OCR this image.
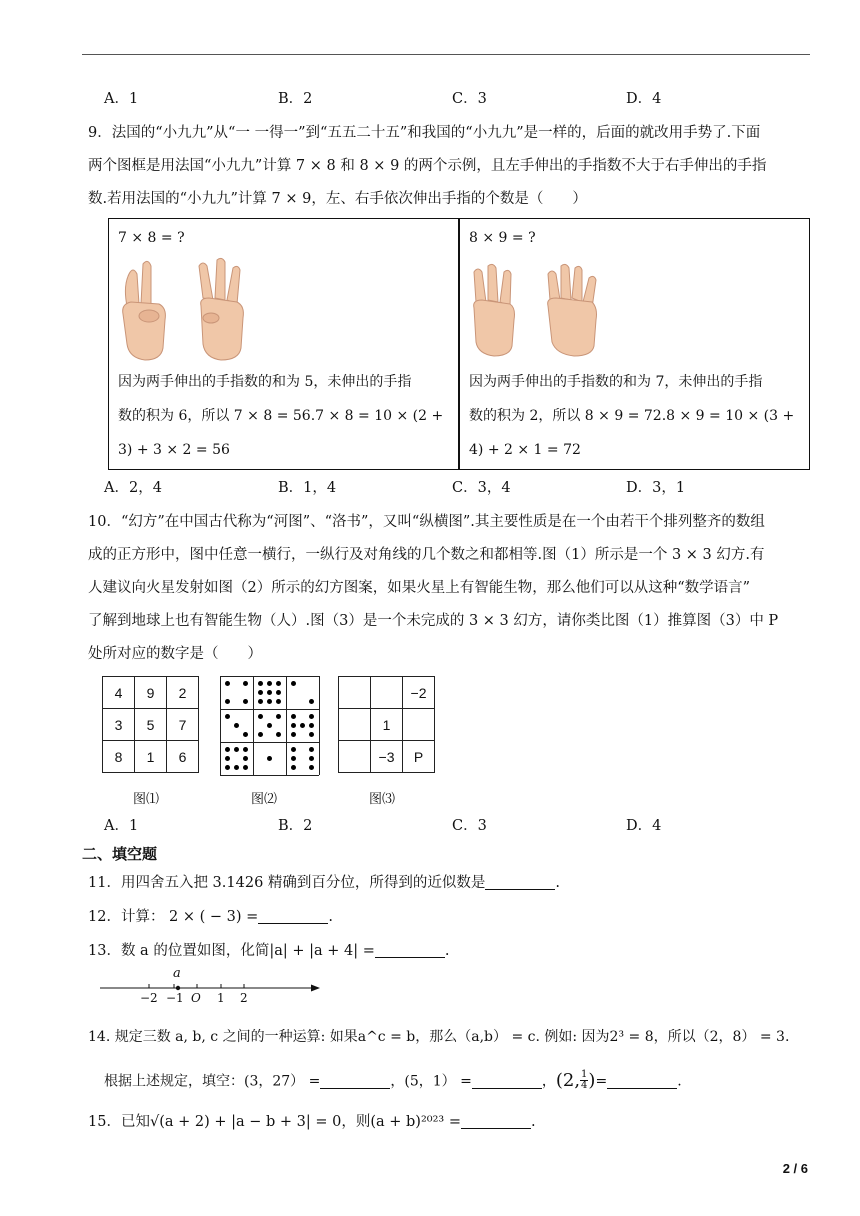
A．1	B．2	C．3	D．4
9．法国的“小九九”从“一 一得一”到“五五二十五”和我国的“小九九”是一样的，后面的就改用手势了.下面
两个图框是用法国“小九九”计算 7 × 8 和 8 × 9 的两个示例，且左手伸出的手指数不大于右手伸出的手指
数.若用法国的“小九九”计算 7 × 9，左、右手依次伸出手指的个数是（　　）
7 × 8 = ?	8 × 9 = ?
因为两手伸出的手指数的和为 5，未伸出的手指
数的积为 6，所以 7 × 8 = 56.7 × 8 = 10 × (2 +
3) + 3 × 2 = 56
因为两手伸出的手指数的和为 7，未伸出的手指
数的积为 2，所以 8 × 9 = 72.8 × 9 = 10 × (3 +
4) + 2 × 1 = 72
A．2，4	B．1，4	C．3，4	D．3，1
10．“幻方”在中国古代称为“河图”、“洛书”，又叫“纵横图”.其主要性质是在一个由若干个排列整齐的数组
成的正方形中，图中任意一横行，一纵行及对角线的几个数之和都相等.图（1）所示是一个 3 × 3 幻方.有
人建议向火星发射如图（2）所示的幻方图案，如果火星上有智能生物，那么他们可以从这种“数学语言”
了解到地球上也有智能生物（人）.图（3）是一个未完成的 3 × 3 幻方，请你类比图（1）推算图（3）中 P
处所对应的数字是（　　）
4	9	2
3	5	7
8	1	6
		−2
	1	
	−3	P
图⑴	图⑵	图⑶
A．1	B．2	C．3	D．4
二、填空题
11．用四舍五入把 3.1426 精确到百分位，所得到的近似数是	.
12．计算： 2 × ( − 3) =	.
13．数 a 的位置如图，化简|a| + |a + 4| =	.
a
−2 −1 O 1 2
14. 规定三数 a, b, c 之间的一种运算: 如果a^c = b，那么（a,b） = c. 例如: 因为2³ = 8，所以（2，8） = 3.
根据上述规定，填空：(3，27） =	，(5，1） =	，(2, $\frac{1}{4}$ )=	.
15．已知√(a + 2) + |a − b + 3| = 0，则(a + b)²⁰²³ =	.
2 / 6
